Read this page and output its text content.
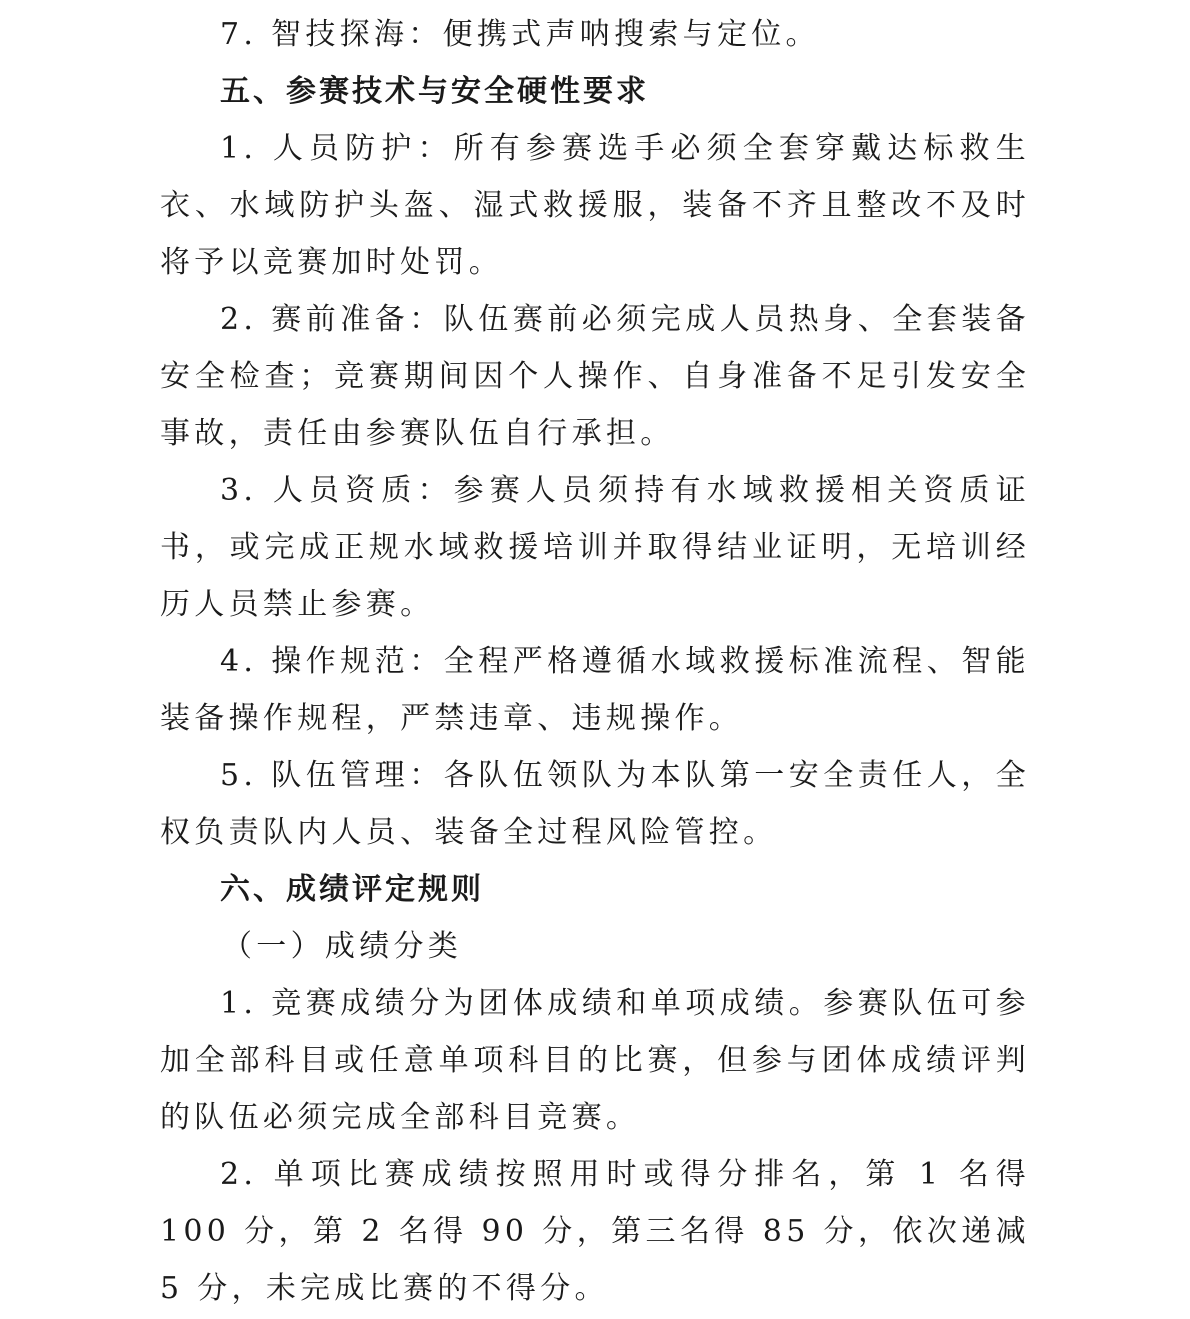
7. 智技探海：便携式声呐搜索与定位。

五、参赛技术与安全硬性要求

1. 人员防护：所有参赛选手必须全套穿戴达标救生衣、水域防护头盔、湿式救援服，装备不齐且整改不及时将予以竞赛加时处罚。

2. 赛前准备：队伍赛前必须完成人员热身、全套装备安全检查；竞赛期间因个人操作、自身准备不足引发安全事故，责任由参赛队伍自行承担。

3. 人员资质：参赛人员须持有水域救援相关资质证书，或完成正规水域救援培训并取得结业证明，无培训经历人员禁止参赛。

4. 操作规范：全程严格遵循水域救援标准流程、智能装备操作规程，严禁违章、违规操作。

5. 队伍管理：各队伍领队为本队第一安全责任人，全权负责队内人员、装备全过程风险管控。

六、成绩评定规则

（一）成绩分类

1. 竞赛成绩分为团体成绩和单项成绩。参赛队伍可参加全部科目或任意单项科目的比赛，但参与团体成绩评判的队伍必须完成全部科目竞赛。

2. 单项比赛成绩按照用时或得分排名，第 1 名得 100 分，第 2 名得 90 分，第三名得 85 分，依次递减 5 分，未完成比赛的不得分。
